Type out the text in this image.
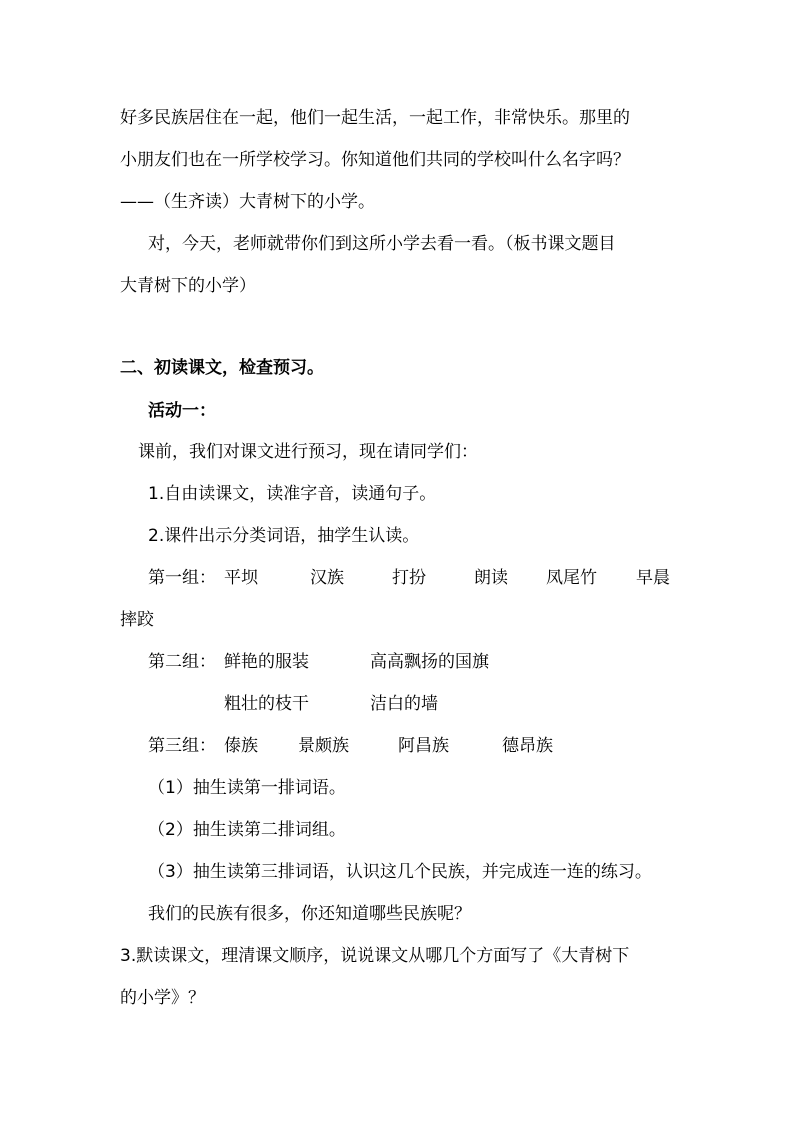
好多民族居住在一起，他们一起生活，一起工作，非常快乐。那里的
小朋友们也在一所学校学习。你知道他们共同的学校叫什么名字吗？
——（生齐读）大青树下的小学。
对，今天，老师就带你们到这所小学去看一看。（板书课文题目
大青树下的小学）
二、初读课文，检查预习。
活动一：
课前，我们对课文进行预习，现在请同学们：
1.自由读课文，读准字音，读通句子。
2.课件出示分类词语，抽学生认读。
第一组： 平坝	汉族	打扮	朗读 凤尾竹 早晨
摔跤
第二组： 鲜艳的服装	高高飘扬的国旗
粗壮的枝干	洁白的墙
第三组： 傣族 景颇族	阿昌族	德昂族
（1）抽生读第一排词语。
（2）抽生读第二排词组。
（3）抽生读第三排词语，认识这几个民族，并完成连一连的练习。
我们的民族有很多，你还知道哪些民族呢？
3.默读课文，理清课文顺序，说说课文从哪几个方面写了《大青树下
的小学》？
